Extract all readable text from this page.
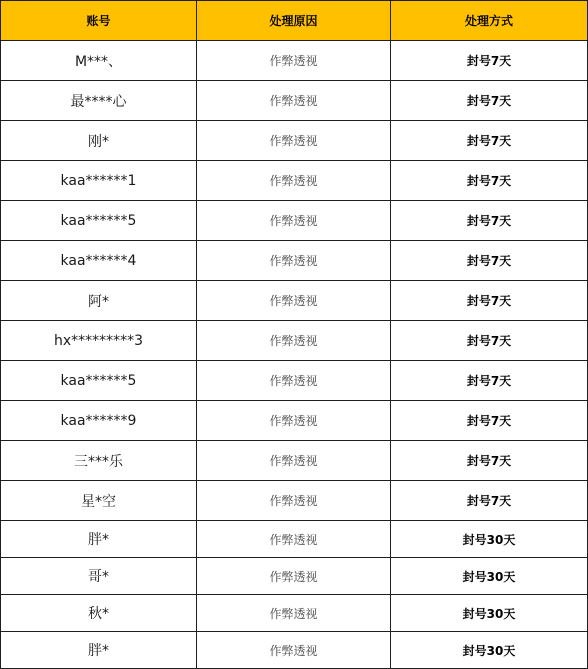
账号	处理原因	处理方式
M***、	作弊透视	封号7天
最****心	作弊透视	封号7天
刚*	作弊透视	封号7天
kaa******1	作弊透视	封号7天
kaa******5	作弊透视	封号7天
kaa******4	作弊透视	封号7天
阿*	作弊透视	封号7天
hx*********3	作弊透视	封号7天
kaa******5	作弊透视	封号7天
kaa******9	作弊透视	封号7天
三***乐	作弊透视	封号7天
星*空	作弊透视	封号7天
胖*	作弊透视	封号30天
哥*	作弊透视	封号30天
秋*	作弊透视	封号30天
胖*	作弊透视	封号30天
